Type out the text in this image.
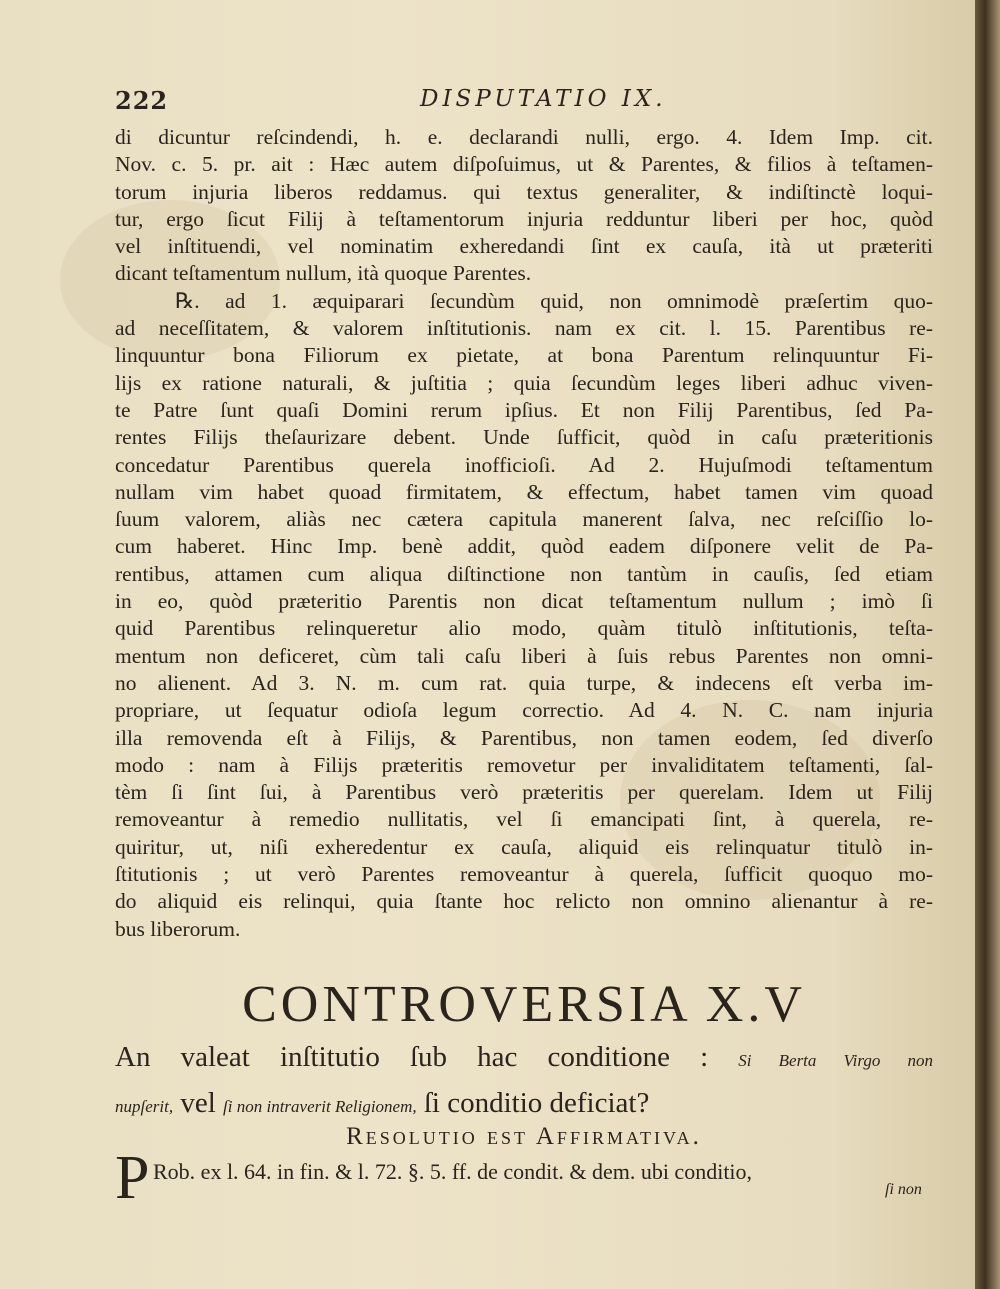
222	DISPUTATIO IX.
di dicuntur reſcindendi, h. e. declarandi nulli, ergo. 4. Idem Imp. cit.
Nov. c. 5. pr. ait : Hæc autem diſpoſuimus, ut & Parentes, & filios à teſtamen-
torum injuria liberos reddamus. qui textus generaliter, & indiſtinctè loqui-
tur, ergo ſicut Filij à teſtamentorum injuria redduntur liberi per hoc, quòd
vel inſtituendi, vel nominatim exheredandi ſint ex cauſa, ità ut præteriti
dicant teſtamentum nullum, ità quoque Parentes.
℞. ad 1. æquiparari ſecundùm quid, non omnimodè præſertim quo-
ad neceſſitatem, & valorem inſtitutionis. nam ex cit. l. 15. Parentibus re-
linquuntur bona Filiorum ex pietate, at bona Parentum relinquuntur Fi-
lijs ex ratione naturali, & juſtitia ; quia ſecundùm leges liberi adhuc viven-
te Patre ſunt quaſi Domini rerum ipſius. Et non Filij Parentibus, ſed Pa-
rentes Filijs theſaurizare debent. Unde ſufficit, quòd in caſu præteritionis
concedatur Parentibus querela inofficioſi. Ad 2. Hujuſmodi teſtamentum
nullam vim habet quoad firmitatem, & effectum, habet tamen vim quoad
ſuum valorem, aliàs nec cætera capitula manerent ſalva, nec reſciſſio lo-
cum haberet. Hinc Imp. benè addit, quòd eadem diſponere velit de Pa-
rentibus, attamen cum aliqua diſtinctione non tantùm in cauſis, ſed etiam
in eo, quòd præteritio Parentis non dicat teſtamentum nullum ; imò ſi
quid Parentibus relinqueretur alio modo, quàm titulò inſtitutionis, teſta-
mentum non deficeret, cùm tali caſu liberi à ſuis rebus Parentes non omni-
no alienent. Ad 3. N. m. cum rat. quia turpe, & indecens eſt verba im-
propriare, ut ſequatur odioſa legum correctio. Ad 4. N. C. nam injuria
illa removenda eſt à Filijs, & Parentibus, non tamen eodem, ſed diverſo
modo : nam à Filijs præteritis removetur per invaliditatem teſtamenti, ſal-
tèm ſi ſint ſui, à Parentibus verò præteritis per querelam. Idem ut Filij
removeantur à remedio nullitatis, vel ſi emancipati ſint, à querela, re-
quiritur, ut, niſi exheredentur ex cauſa, aliquid eis relinquatur titulò in-
ſtitutionis ; ut verò Parentes removeantur à querela, ſufficit quoquo mo-
do aliquid eis relinqui, quia ſtante hoc relicto non omnino alienantur à re-
bus liberorum.
CONTROVERSIA X.V
An valeat inſtitutio ſub hac conditione : Si Berta Virgo non
nupſerit, vel ſi non intraverit Religionem, ſi conditio deficiat?
Resolutio est Affirmativa.
P Rob. ex l. 64. in fin. & l. 72. §. 5. ff. de condit. & dem. ubi conditio,
ſi non
